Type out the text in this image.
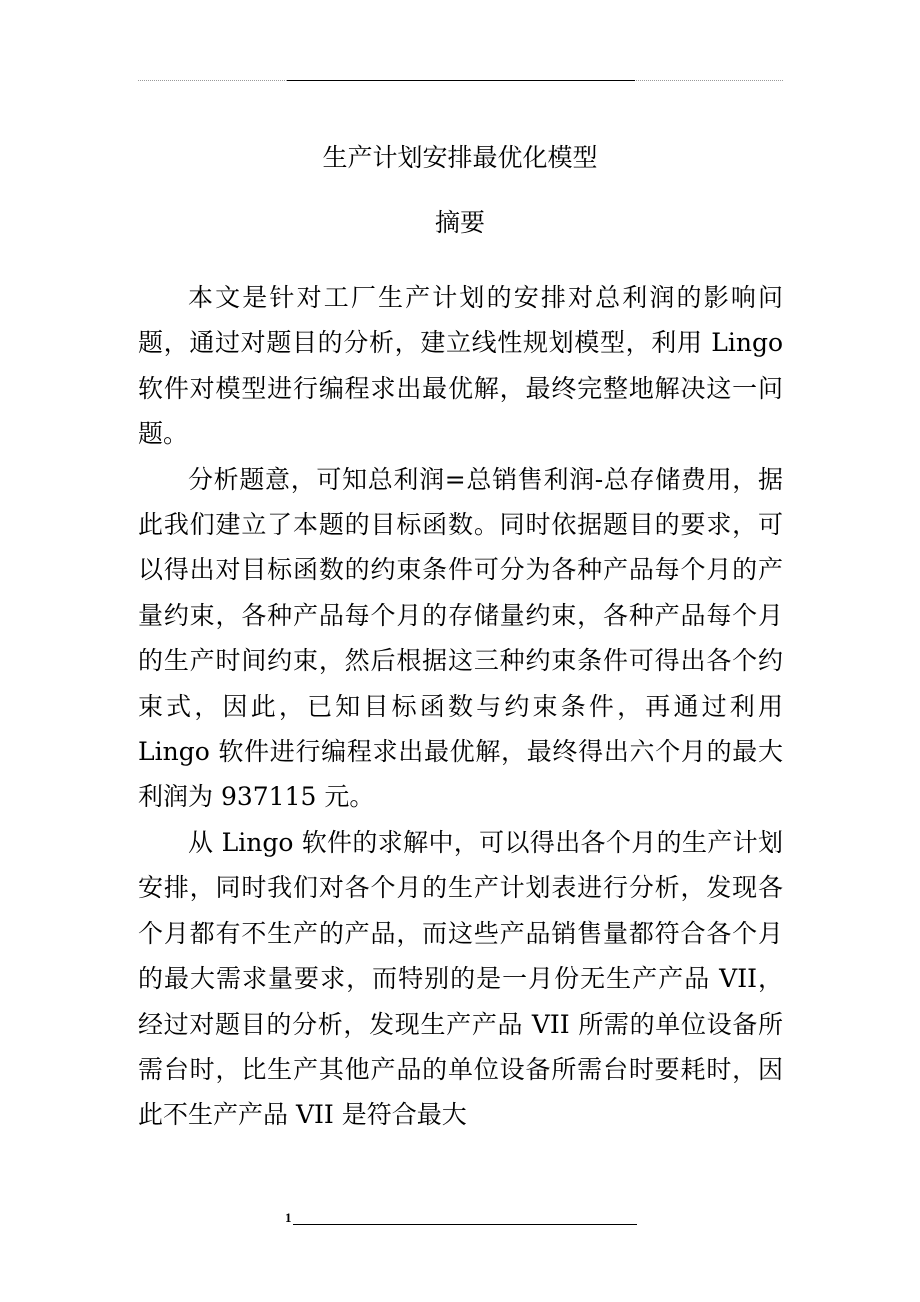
生产计划安排最优化模型
摘要

本文是针对工厂生产计划的安排对总利润的影响问题，通过对题目的分析，建立线性规划模型，利用 Lingo 软件对模型进行编程求出最优解，最终完整地解决这一问题。

分析题意，可知总利润=总销售利润-总存储费用，据此我们建立了本题的目标函数。同时依据题目的要求，可以得出对目标函数的约束条件可分为各种产品每个月的产量约束，各种产品每个月的存储量约束，各种产品每个月的生产时间约束，然后根据这三种约束条件可得出各个约束式，因此，已知目标函数与约束条件，再通过利用 Lingo 软件进行编程求出最优解，最终得出六个月的最大利润为 937115 元。

从 Lingo 软件的求解中，可以得出各个月的生产计划安排，同时我们对各个月的生产计划表进行分析，发现各个月都有不生产的产品，而这些产品销售量都符合各个月的最大需求量要求，而特别的是一月份无生产产品 VII，经过对题目的分析，发现生产产品 VII 所需的单位设备所需台时，比生产其他产品的单位设备所需台时要耗时，因此不生产产品 VII 是符合最大

1
